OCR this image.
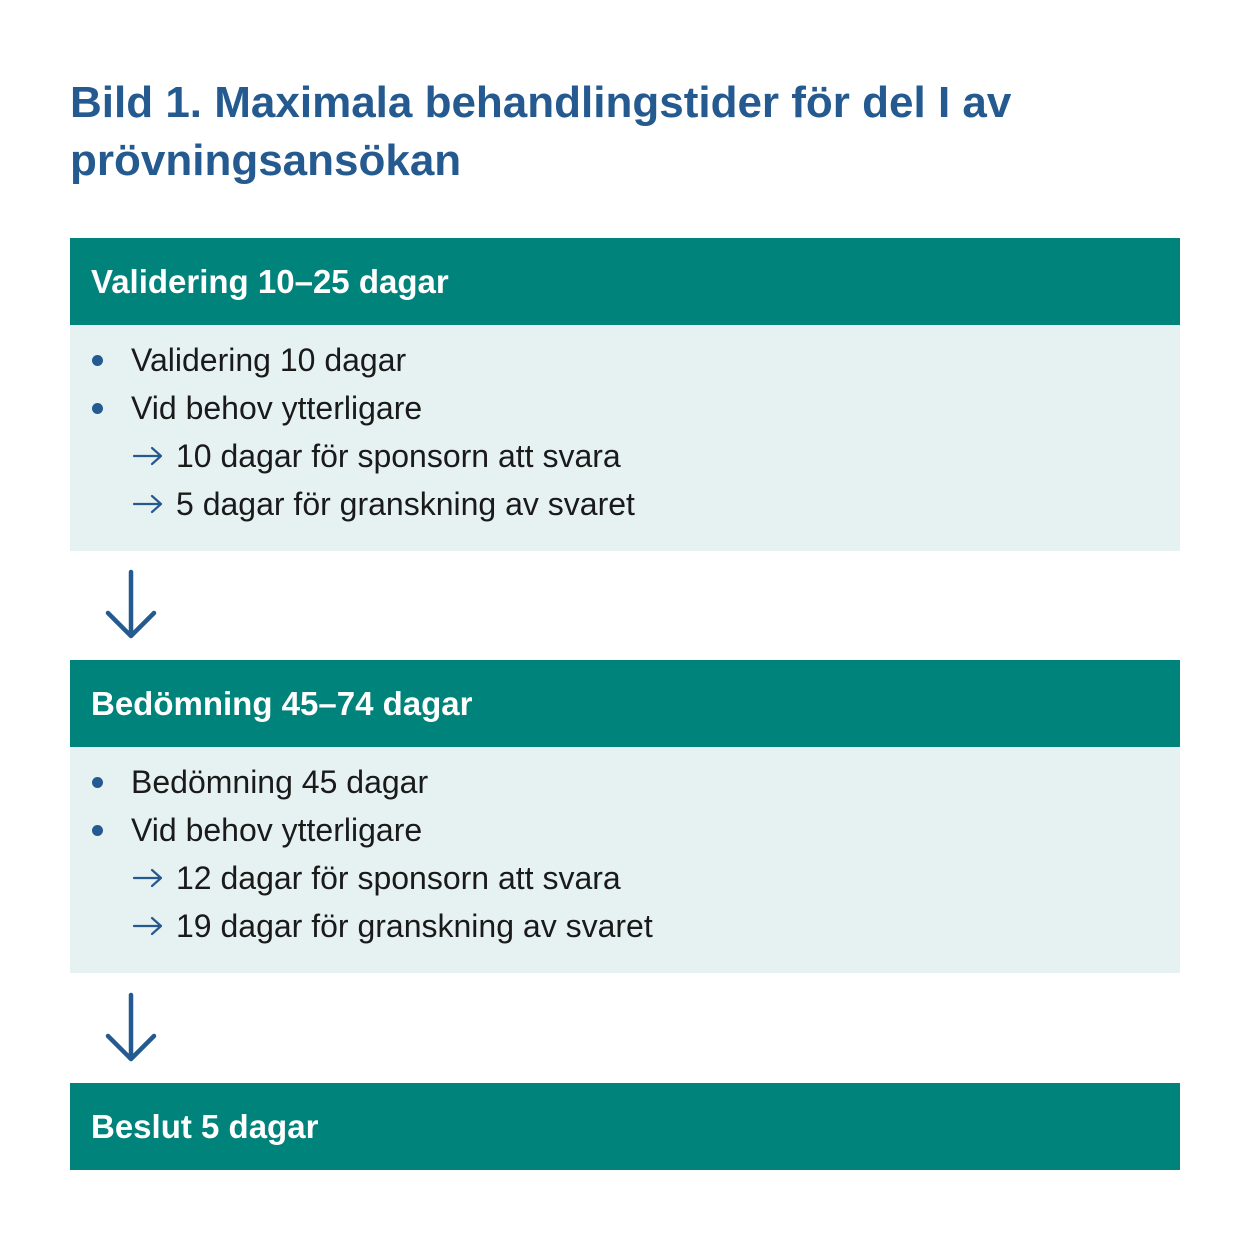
Bild 1. Maximala behandlingstider för del I av prövningsansökan
Validering 10–25 dagar
Validering 10 dagar
Vid behov ytterligare
10 dagar för sponsorn att svara
5 dagar för granskning av svaret
Bedömning 45–74 dagar
Bedömning 45 dagar
Vid behov ytterligare
12 dagar för sponsorn att svara
19 dagar för granskning av svaret
Beslut 5 dagar
